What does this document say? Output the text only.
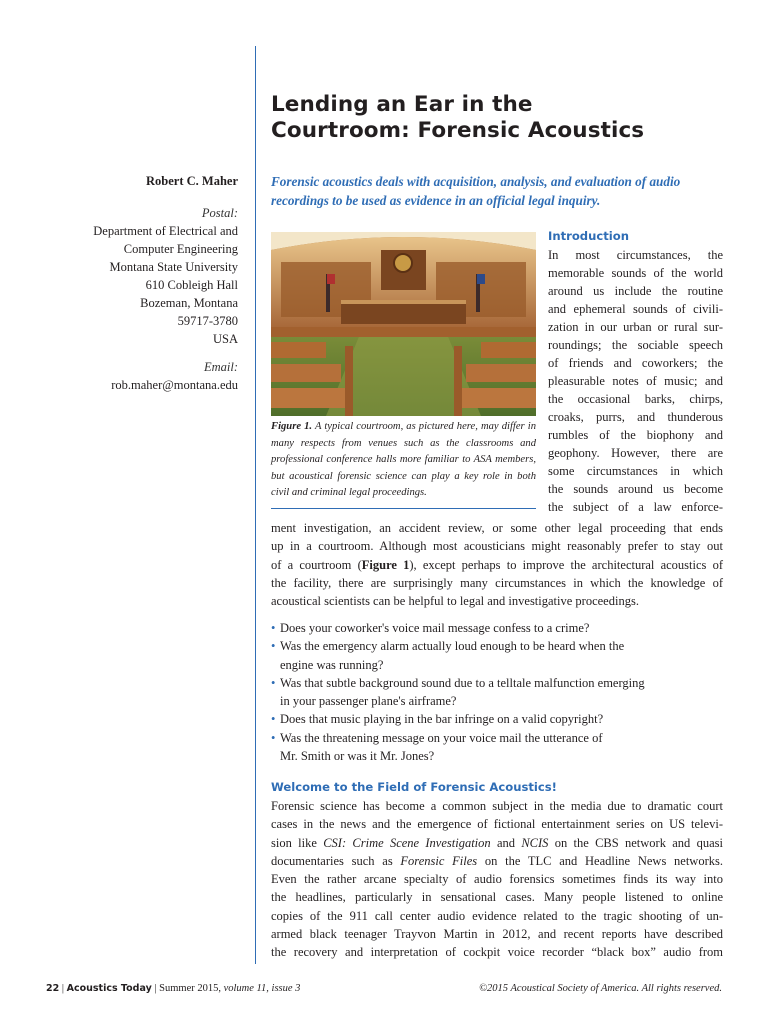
Lending an Ear in the
Courtroom: Forensic Acoustics
Robert C. Maher
Postal:
Department of Electrical and
Computer Engineering
Montana State University
610 Cobleigh Hall
Bozeman, Montana
59717-3780
USA
Email:
rob.maher@montana.edu

Forensic acoustics deals with acquisition, analysis, and evaluation of audio recordings to be used as evidence in an official legal inquiry.

Figure 1. A typical courtroom, as pictured here, may differ in many respects from venues such as the classrooms and professional conference halls more familiar to ASA members, but acoustical forensic science can play a key role in both civil and criminal legal proceedings.

Introduction
In most circumstances, the
memorable sounds of the world
around us include the routine
and ephemeral sounds of civili-
zation in our urban or rural sur-
roundings; the sociable speech
of friends and coworkers; the
pleasurable notes of music; and
the occasional barks, chirps,
croaks, purrs, and thunderous
rumbles of the biophony and
geophony. However, there are
some circumstances in which
the sounds around us become
the subject of a law enforce-
ment investigation, an accident review, or some other legal proceeding that ends
up in a courtroom. Although most acousticians might reasonably prefer to stay out
of a courtroom (Figure 1), except perhaps to improve the architectural acoustics of
the facility, there are surprisingly many circumstances in which the knowledge of
acoustical scientists can be helpful to legal and investigative proceedings.
• Does your coworker's voice mail message confess to a crime?
• Was the emergency alarm actually loud enough to be heard when the
engine was running?
• Was that subtle background sound due to a telltale malfunction emerging
in your passenger plane's airframe?
• Does that music playing in the bar infringe on a valid copyright?
• Was the threatening message on your voice mail the utterance of
Mr. Smith or was it Mr. Jones?
Welcome to the Field of Forensic Acoustics!
Forensic science has become a common subject in the media due to dramatic court
cases in the news and the emergence of fictional entertainment series on US televi-
sion like CSI: Crime Scene Investigation and NCIS on the CBS network and quasi
documentaries such as Forensic Files on the TLC and Headline News networks.
Even the rather arcane specialty of audio forensics sometimes finds its way into
the headlines, particularly in sensational cases. Many people listened to online
copies of the 911 call center audio evidence related to the tragic shooting of un-
armed black teenager Trayvon Martin in 2012, and recent reports have described
the recovery and interpretation of cockpit voice recorder “black box” audio from
22 | Acoustics Today | Summer 2015, volume 11, issue 3	©2015 Acoustical Society of America. All rights reserved.
